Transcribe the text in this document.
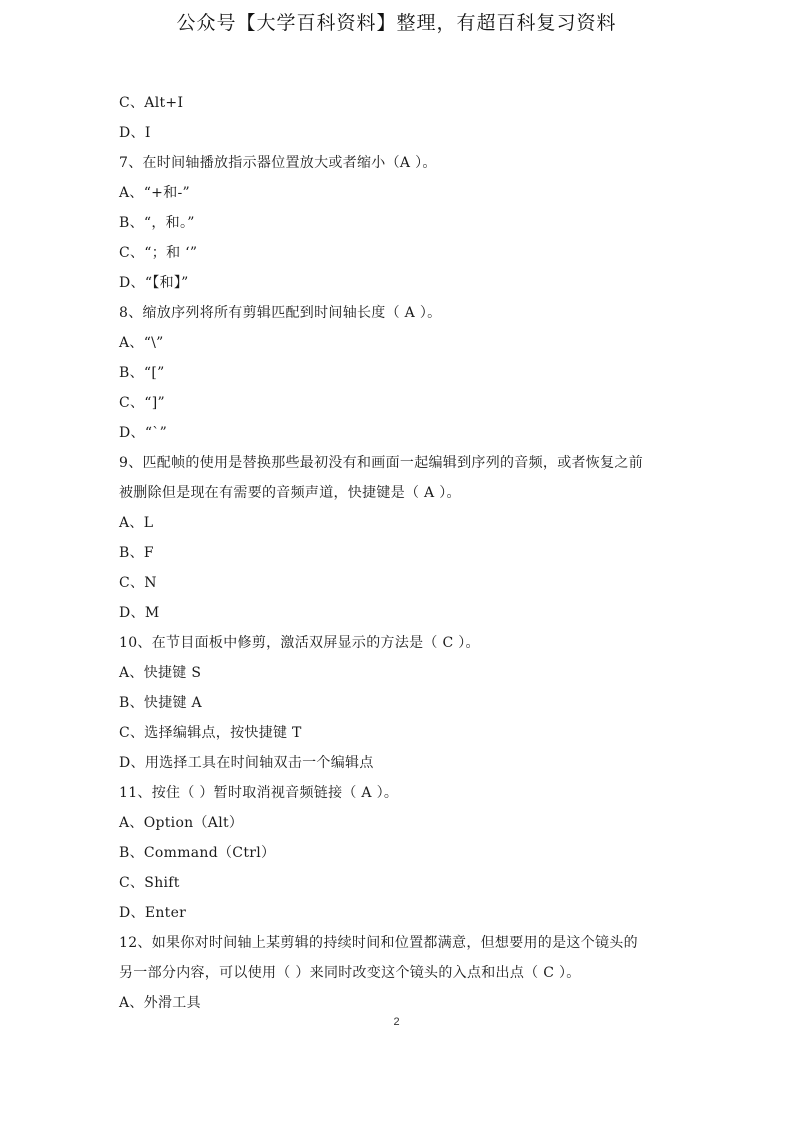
公众号【大学百科资料】整理，有超百科复习资料
C、Alt+I
D、I
7、在时间轴播放指示器位置放大或者缩小（A ）。
A、“+和-”
B、“，和。”
C、“；和 ‘”
D、“【和】”
8、缩放序列将所有剪辑匹配到时间轴长度（ A ）。
A、“\”
B、“[”
C、“]”
D、“`”
9、匹配帧的使用是替换那些最初没有和画面一起编辑到序列的音频，或者恢复之前
被删除但是现在有需要的音频声道，快捷键是（ A ）。
A、L
B、F
C、N
D、M
10、在节目面板中修剪，激活双屏显示的方法是（ C ）。
A、快捷键 S
B、快捷键 A
C、选择编辑点，按快捷键 T
D、用选择工具在时间轴双击一个编辑点
11、按住（ ）暂时取消视音频链接（ A ）。
A、Option（Alt）
B、Command（Ctrl）
C、Shift
D、Enter
12、如果你对时间轴上某剪辑的持续时间和位置都满意，但想要用的是这个镜头的
另一部分内容，可以使用（ ）来同时改变这个镜头的入点和出点（ C ）。
A、外滑工具
2
